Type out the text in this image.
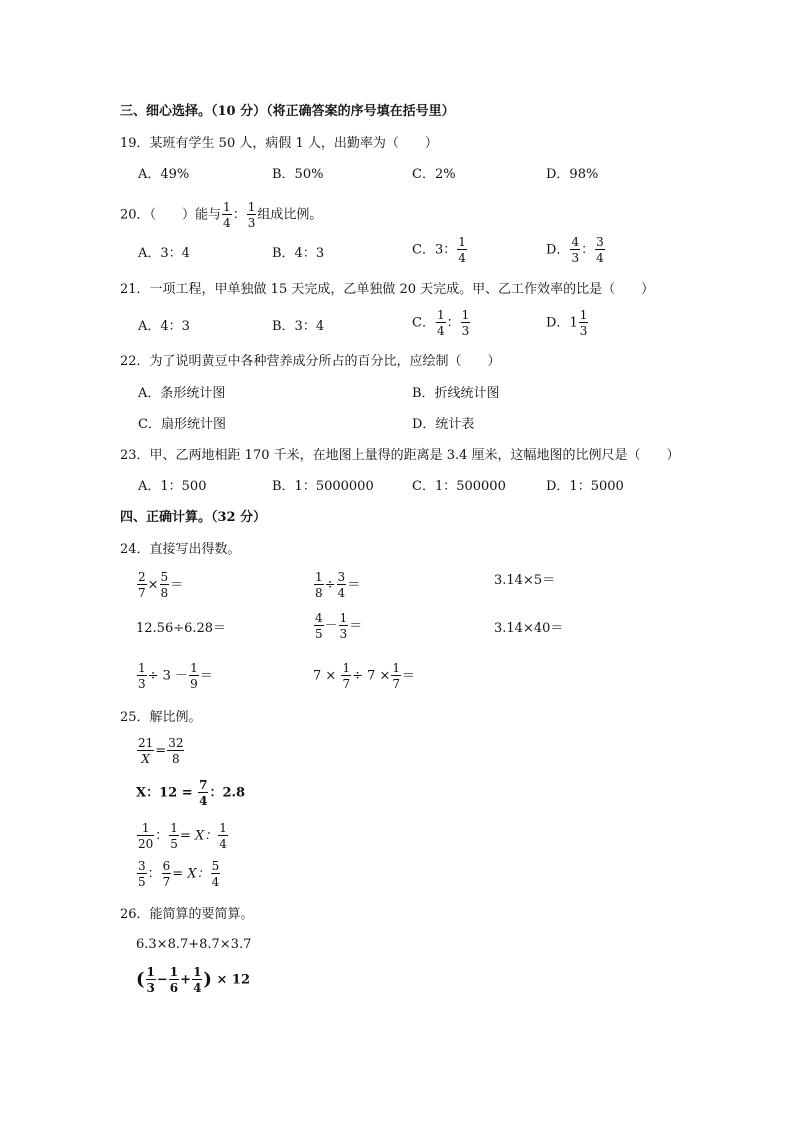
三、细心选择。（10 分）（将正确答案的序号填在括号里）
19．某班有学生 50 人，病假 1 人，出勤率为（　　）
A．49%	B．50%	C．2%	D．98%
20．（　　）能与 $\frac{1}{4}$ ： $\frac{1}{3}$ 组成比例。
A．3：4	B．4：3	C．3： $\frac{1}{4}$	D． $\frac{4}{3}$ ： $\frac{3}{4}$
21．一项工程，甲单独做 15 天完成，乙单独做 20 天完成。甲、乙工作效率的比是（　　）
A．4：3	B．3：4	C． $\frac{1}{4}$ ： $\frac{1}{3}$	D．$1 \frac{1}{3}$
22．为了说明黄豆中各种营养成分所占的百分比，应绘制（　　）
A．条形统计图	B．折线统计图
C．扇形统计图	D．统计表
23．甲、乙两地相距 170 千米，在地图上量得的距离是 3.4 厘米，这幅地图的比例尺是（　　）
A．1：500	B．1：5000000	C．1：500000	D．1：5000
四、正确计算。（32 分）
24．直接写出得数。
$\frac{2}{7} \times \frac{5}{8}$ ＝	$\frac{1}{8} \div \frac{3}{4}$ ＝	3.14×5＝
12.56÷6.28＝	$\frac{4}{5} - \frac{1}{3}$ ＝	3.14×40＝
$\frac{1}{3} \div 3 - \frac{1}{9}$ ＝	$7 \times \frac{1}{7} \div 7 \times \frac{1}{7}$ ＝
25．解比例。
$\frac{21}{X} = \frac{32}{8}$
X：$12 = \frac{7}{4}$ ：2.8
$\frac{1}{20}$ ： $\frac{1}{5} = X$： $\frac{1}{4}$
$\frac{3}{5}$ ： $\frac{6}{7} = X$： $\frac{5}{4}$
26．能简算的要简算。
6.3×8.7+8.7×3.7
( $\frac{1}{3} - \frac{1}{6} + \frac{1}{4}$ ) × 12
